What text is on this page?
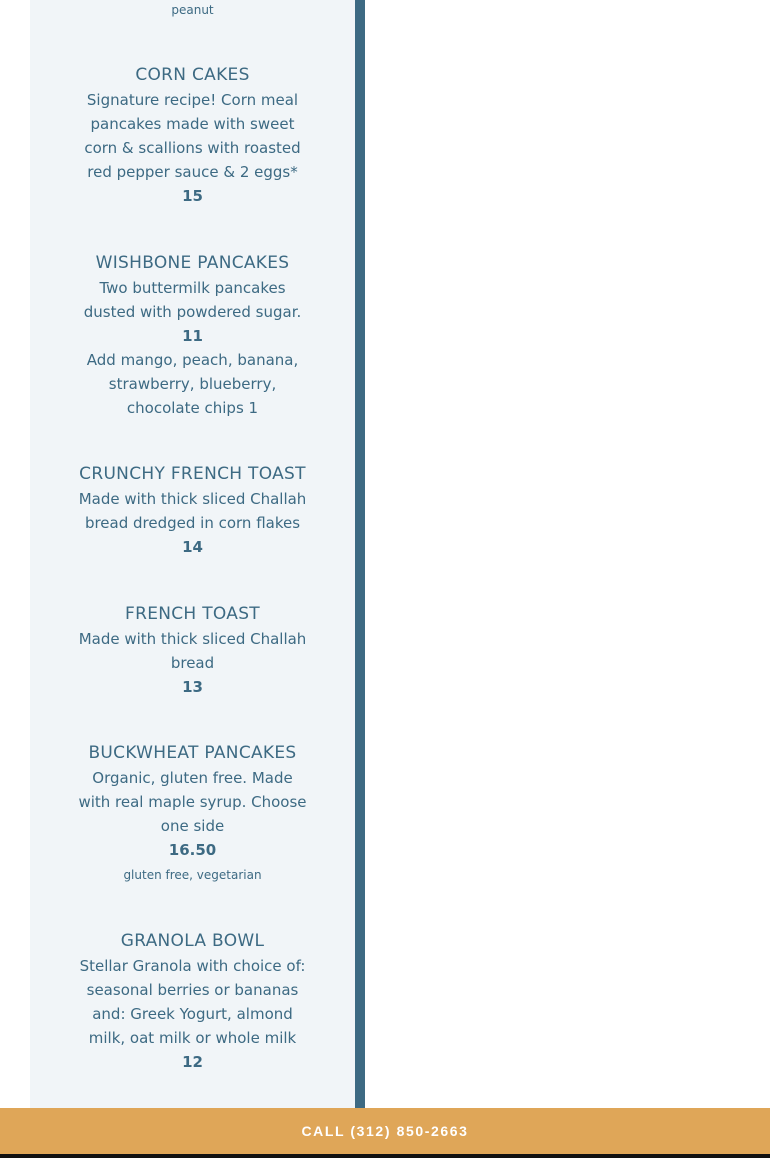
peanut

CORN CAKES

Signature recipe! Corn meal pancakes made with sweet corn & scallions with roasted red pepper sauce & 2 eggs*

15

WISHBONE PANCAKES

Two buttermilk pancakes dusted with powdered sugar.

11

Add mango, peach, banana, strawberry, blueberry, chocolate chips 1

CRUNCHY FRENCH TOAST

Made with thick sliced Challah bread dredged in corn flakes

14

FRENCH TOAST

Made with thick sliced Challah bread

13

BUCKWHEAT PANCAKES

Organic, gluten free. Made with real maple syrup. Choose one side

16.50

gluten free, vegetarian

GRANOLA BOWL

Stellar Granola with choice of: seasonal berries or bananas and: Greek Yogurt, almond milk, oat milk or whole milk

12

CALL (312) 850-2663
